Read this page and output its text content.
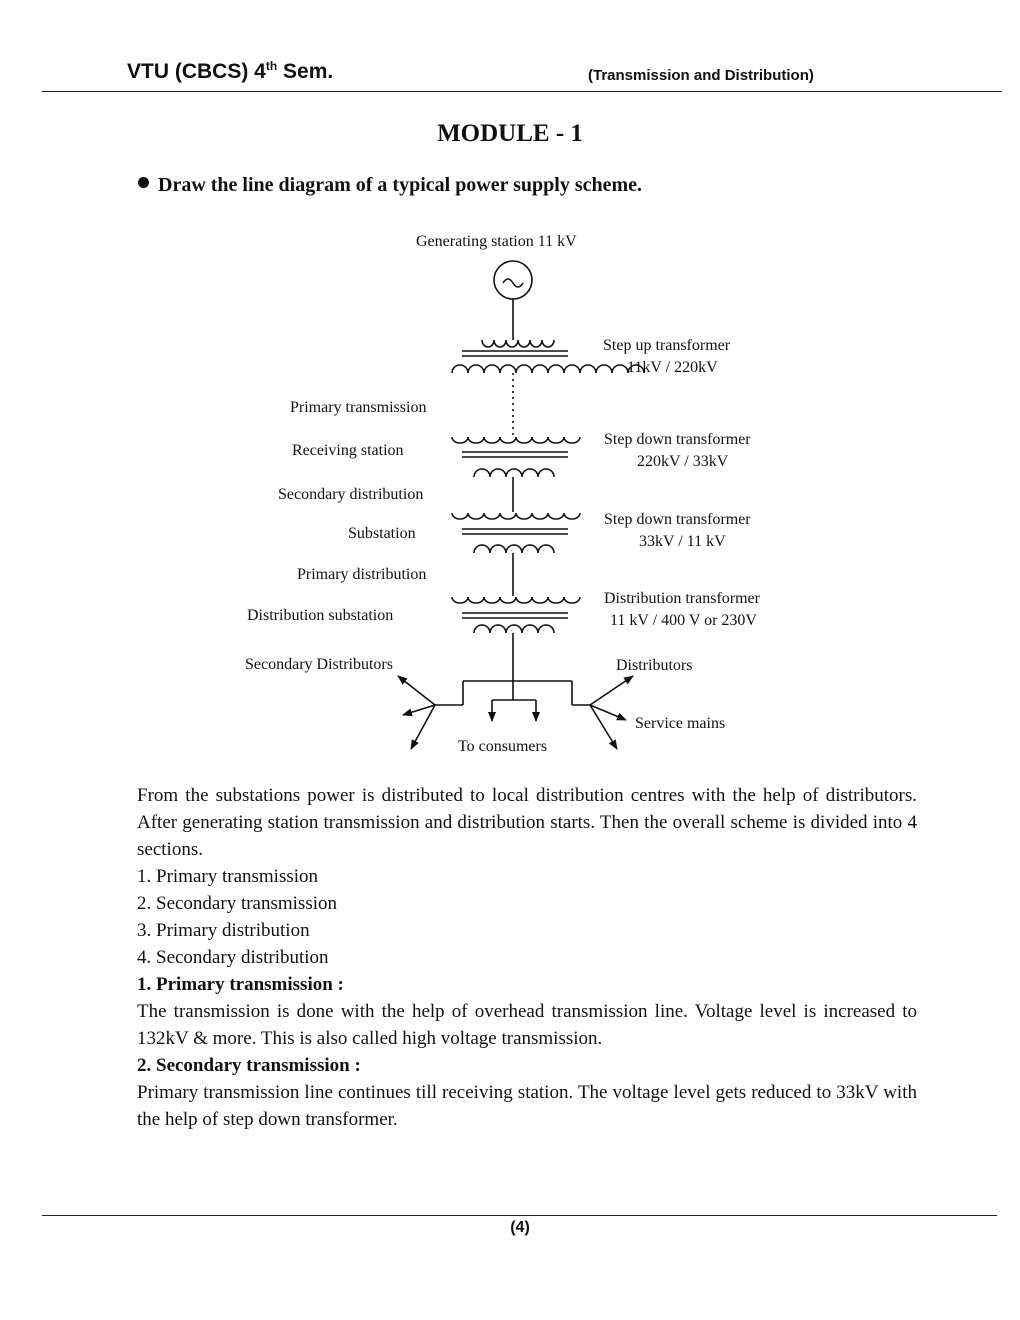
VTU (CBCS) 4th Sem.	(Transmission and Distribution)
MODULE - 1
Draw the line diagram of a typical power supply scheme.
Generating station 11 kV
Step up transformer
11kV / 220kV
Primary transmission
Receiving station
Step down transformer
220kV / 33kV
Secondary distribution
Substation
Step down transformer
33kV / 11 kV
Primary distribution
Distribution substation
Distribution transformer
11 kV / 400 V or 230V
Secondary Distributors	Distributors
Service mains
To consumers

From the substations power is distributed to local distribution centres with the help of distributors. After generating station transmission and distribution starts. Then the overall scheme is divided into 4 sections.

1. Primary transmission

2. Secondary transmission

3. Primary distribution

4. Secondary distribution

1. Primary transmission :

The transmission is done with the help of overhead transmission line. Voltage level is increased to 132kV & more. This is also called high voltage transmission.

2. Secondary transmission :

Primary transmission line continues till receiving station. The voltage level gets reduced to 33kV with the help of step down transformer.

(4)
